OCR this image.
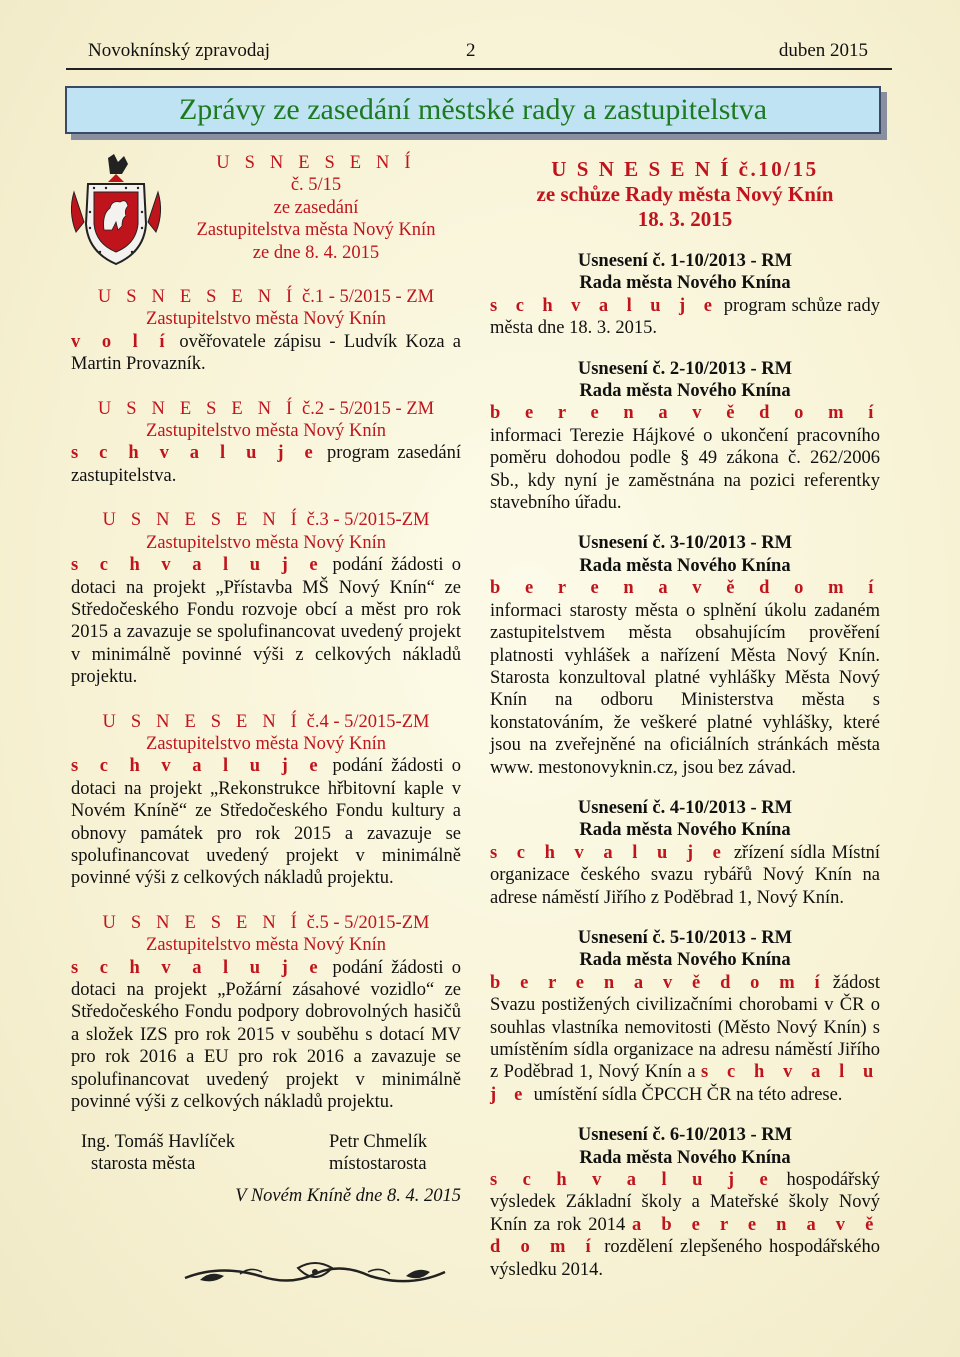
Novoknínský zpravodaj	2	duben 2015
Zprávy ze zasedání městské rady a zastupitelstva
U S N E S E N Í
č. 5/15
ze zasedání
Zastupitelstva města Nový Knín
ze dne 8. 4. 2015
U S N E S E N Í č.1 - 5/2015 - ZM
Zastupitelstvo města Nový Knín
v o l í ověřovatele zápisu - Ludvík Koza a Martin Provazník.
U S N E S E N Í č.2 - 5/2015 - ZM
Zastupitelstvo města Nový Knín
s c h v a l u j e program zasedání zastupitelstva.
U S N E S E N Í č.3 - 5/2015-ZM
Zastupitelstvo města Nový Knín
s c h v a l u j e podání žádosti o dotaci na projekt „Přístavba MŠ Nový Knín“ ze Středočeského Fondu rozvoje obcí a měst pro rok 2015 a zavazuje se spolufinancovat uvedený projekt v minimálně povinné výši z celkových nákladů projektu.
U S N E S E N Í č.4 - 5/2015-ZM
Zastupitelstvo města Nový Knín
s c h v a l u j e podání žádosti o dotaci na projekt „Rekonstrukce hřbitovní kaple v Novém Kníně“ ze Středočeského Fondu kultury a obnovy památek pro rok 2015 a zavazuje se spolufinancovat uvedený projekt v minimálně povinné výši z celkových nákladů projektu.
U S N E S E N Í č.5 - 5/2015-ZM
Zastupitelstvo města Nový Knín
s c h v a l u j e podání žádosti o dotaci na projekt „Požární zásahové vozidlo“ ze Středočeského Fondu podpory dobrovolných hasičů a složek IZS pro rok 2015 v souběhu s dotací MV pro rok 2016 a EU pro rok 2016 a zavazuje se spolufinancovat uvedený projekt v minimálně povinné výši z celkových nákladů projektu.
Ing. Tomáš Havlíček	Petr Chmelík
starosta města	místostarosta
V Novém Kníně dne 8. 4. 2015
U S N E S E N Í č.10/15
ze schůze Rady města Nový Knín
18. 3. 2015
Usnesení č. 1-10/2013 - RM
Rada města Nového Knína
s c h v a l u j e program schůze rady města dne 18. 3. 2015.
Usnesení č. 2-10/2013 - RM
Rada města Nového Knína
b e r e n a v ě d o m í informaci Terezie Hájkové o ukončení pracovního poměru dohodou podle § 49 zákona č. 262/2006 Sb., kdy nyní je zaměstnána na pozici referentky stavebního úřadu.
Usnesení č. 3-10/2013 - RM
Rada města Nového Knína
b e r e n a v ě d o m í informaci starosty města o splnění úkolu zadaném zastupitelstvem města obsahujícím prověření platnosti vyhlášek a nařízení Města Nový Knín. Starosta konzultoval platné vyhlášky Města Nový Knín na odboru Ministerstva města s konstatováním, že veškeré platné vyhlášky, které jsou na zveřejněné na oficiálních stránkách města www. mestonovyknin.cz, jsou bez závad.
Usnesení č. 4-10/2013 - RM
Rada města Nového Knína
s c h v a l u j e zřízení sídla Místní organizace českého svazu rybářů Nový Knín na adrese náměstí Jiřího z Poděbrad 1, Nový Knín.
Usnesení č. 5-10/2013 - RM
Rada města Nového Knína
b e r e n a v ě d o m í žádost Svazu postižených civilizačními chorobami v ČR o souhlas vlastníka nemovitosti (Město Nový Knín) s umístěním sídla organizace na adresu náměstí Jiřího z Poděbrad 1, Nový Knín a s c h v a l u j e umístění sídla ČPCCH ČR na této adrese.
Usnesení č. 6-10/2013 - RM
Rada města Nového Knína
s c h v a l u j e hospodářský výsledek Základní školy a Mateřské školy Nový Knín za rok 2014 a b e r e n a v ě d o m í rozdělení zlepšeného hospodářského výsledku 2014.
